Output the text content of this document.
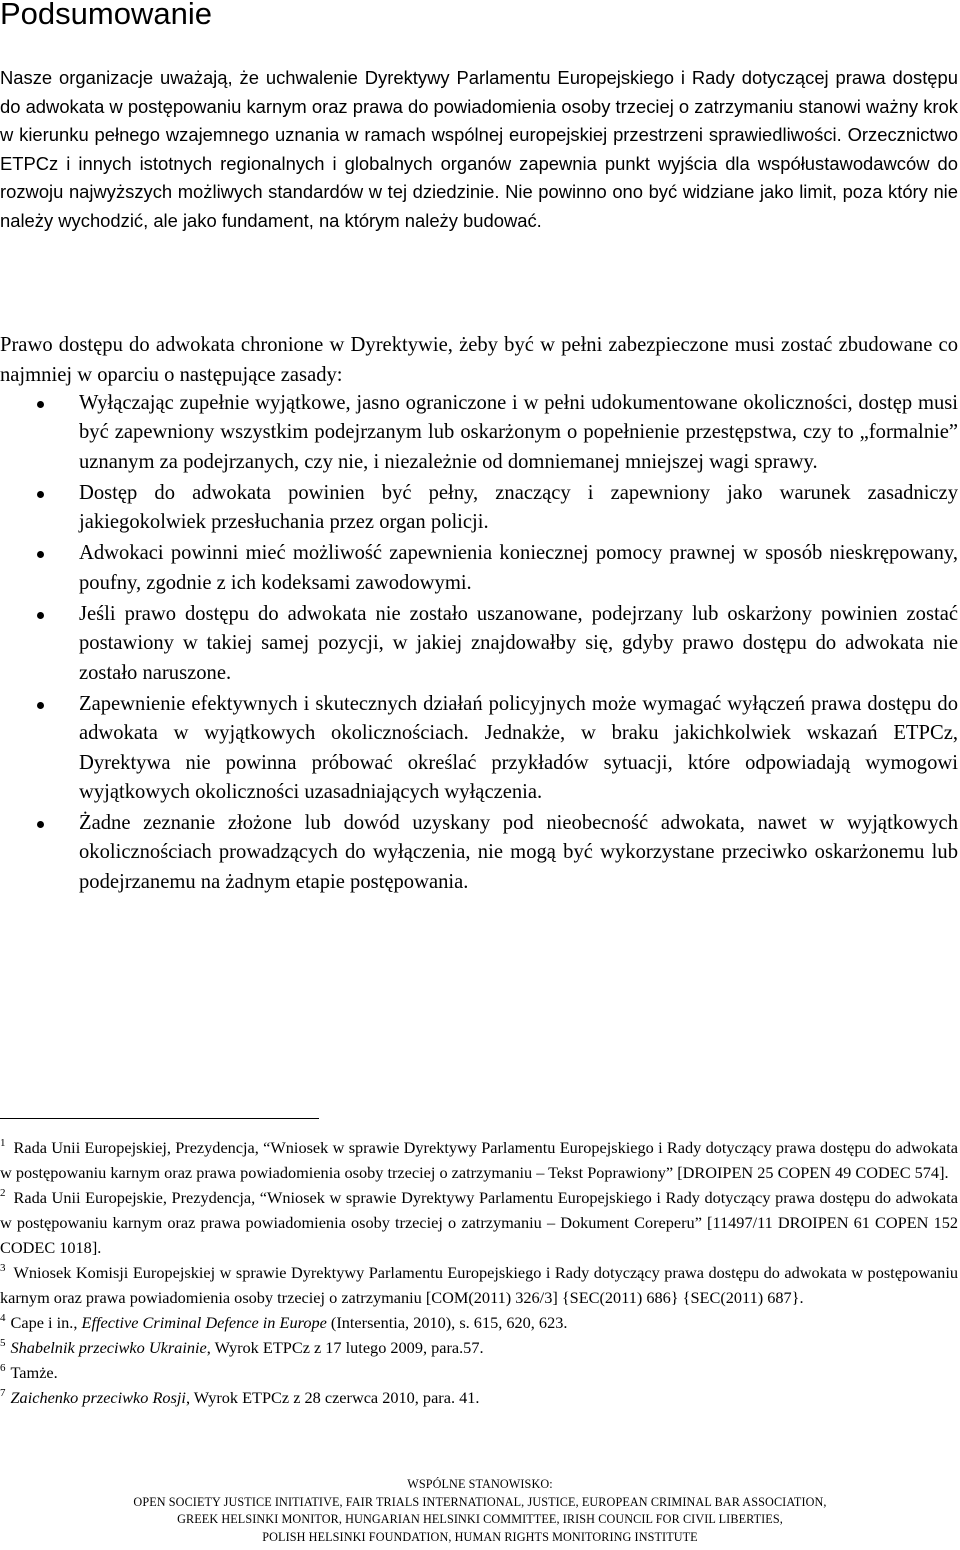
Podsumowanie

Nasze organizacje uważają, że uchwalenie Dyrektywy Parlamentu Europejskiego i Rady dotyczącej prawa dostępu do adwokata w postępowaniu karnym oraz prawa do powiadomienia osoby trzeciej o zatrzymaniu stanowi ważny krok w kierunku pełnego wzajemnego uznania w ramach wspólnej europejskiej przestrzeni sprawiedliwości. Orzecznictwo ETPCz i innych istotnych regionalnych i globalnych organów zapewnia punkt wyjścia dla współustawodawców do rozwoju najwyższych możliwych standardów w tej dziedzinie. Nie powinno ono być widziane jako limit, poza który nie należy wychodzić, ale jako fundament, na którym należy budować.

Prawo dostępu do adwokata chronione w Dyrektywie, żeby być w pełni zabezpieczone musi zostać zbudowane co najmniej w oparciu o następujące zasady:

Wyłączając zupełnie wyjątkowe, jasno ograniczone i w pełni udokumentowane okoliczności, dostęp musi być zapewniony wszystkim podejrzanym lub oskarżonym o popełnienie przestępstwa, czy to „formalnie” uznanym za podejrzanych, czy nie, i niezależnie od domniemanej mniejszej wagi sprawy.
Dostęp do adwokata powinien być pełny, znaczący i zapewniony jako warunek zasadniczy jakiegokolwiek przesłuchania przez organ policji.
Adwokaci powinni mieć możliwość zapewnienia koniecznej pomocy prawnej w sposób nieskrępowany, poufny, zgodnie z ich kodeksami zawodowymi.
Jeśli prawo dostępu do adwokata nie zostało uszanowane, podejrzany lub oskarżony powinien zostać postawiony w takiej samej pozycji, w jakiej znajdowałby się, gdyby prawo dostępu do adwokata nie zostało naruszone.
Zapewnienie efektywnych i skutecznych działań policyjnych może wymagać wyłączeń prawa dostępu do adwokata w wyjątkowych okolicznościach. Jednakże, w braku jakichkolwiek wskazań ETPCz, Dyrektywa nie powinna próbować określać przykładów sytuacji, które odpowiadają wymogowi wyjątkowych okoliczności uzasadniających wyłączenia.
Żadne zeznanie złożone lub dowód uzyskany pod nieobecność adwokata, nawet w wyjątkowych okolicznościach prowadzących do wyłączenia, nie mogą być wykorzystane przeciwko oskarżonemu lub podejrzanemu na żadnym etapie postępowania.
$^1$ Rada Unii Europejskiej, Prezydencja, “Wniosek w sprawie Dyrektywy Parlamentu Europejskiego i Rady dotyczący prawa dostępu do adwokata w postępowaniu karnym oraz prawa powiadomienia osoby trzeciej o zatrzymaniu – Tekst Poprawiony” [DROIPEN 25 COPEN 49 CODEC 574].
$^2$ Rada Unii Europejskie, Prezydencja, “Wniosek w sprawie Dyrektywy Parlamentu Europejskiego i Rady dotyczący prawa dostępu do adwokata w postępowaniu karnym oraz prawa powiadomienia osoby trzeciej o zatrzymaniu – Dokument Coreperu” [11497/11 DROIPEN 61 COPEN 152 CODEC 1018].
$^3$ Wniosek Komisji Europejskiej w sprawie Dyrektywy Parlamentu Europejskiego i Rady dotyczący prawa dostępu do adwokata w postępowaniu karnym oraz prawa powiadomienia osoby trzeciej o zatrzymaniu [COM(2011) 326/3] {SEC(2011) 686} {SEC(2011) 687}.
$^4$ Cape i in., Effective Criminal Defence in Europe (Intersentia, 2010), s. 615, 620, 623.
$^5$ Shabelnik przeciwko Ukrainie, Wyrok ETPCz z 17 lutego 2009, para.57.
$^6$ Tamże.
$^7$ Zaichenko przeciwko Rosji, Wyrok ETPCz z 28 czerwca 2010, para. 41.
WSPÓLNE STANOWISKO:
OPEN SOCIETY JUSTICE INITIATIVE, FAIR TRIALS INTERNATIONAL, JUSTICE, EUROPEAN CRIMINAL BAR ASSOCIATION,
GREEK HELSINKI MONITOR, HUNGARIAN HELSINKI COMMITTEE, IRISH COUNCIL FOR CIVIL LIBERTIES,
POLISH HELSINKI FOUNDATION, HUMAN RIGHTS MONITORING INSTITUTE
